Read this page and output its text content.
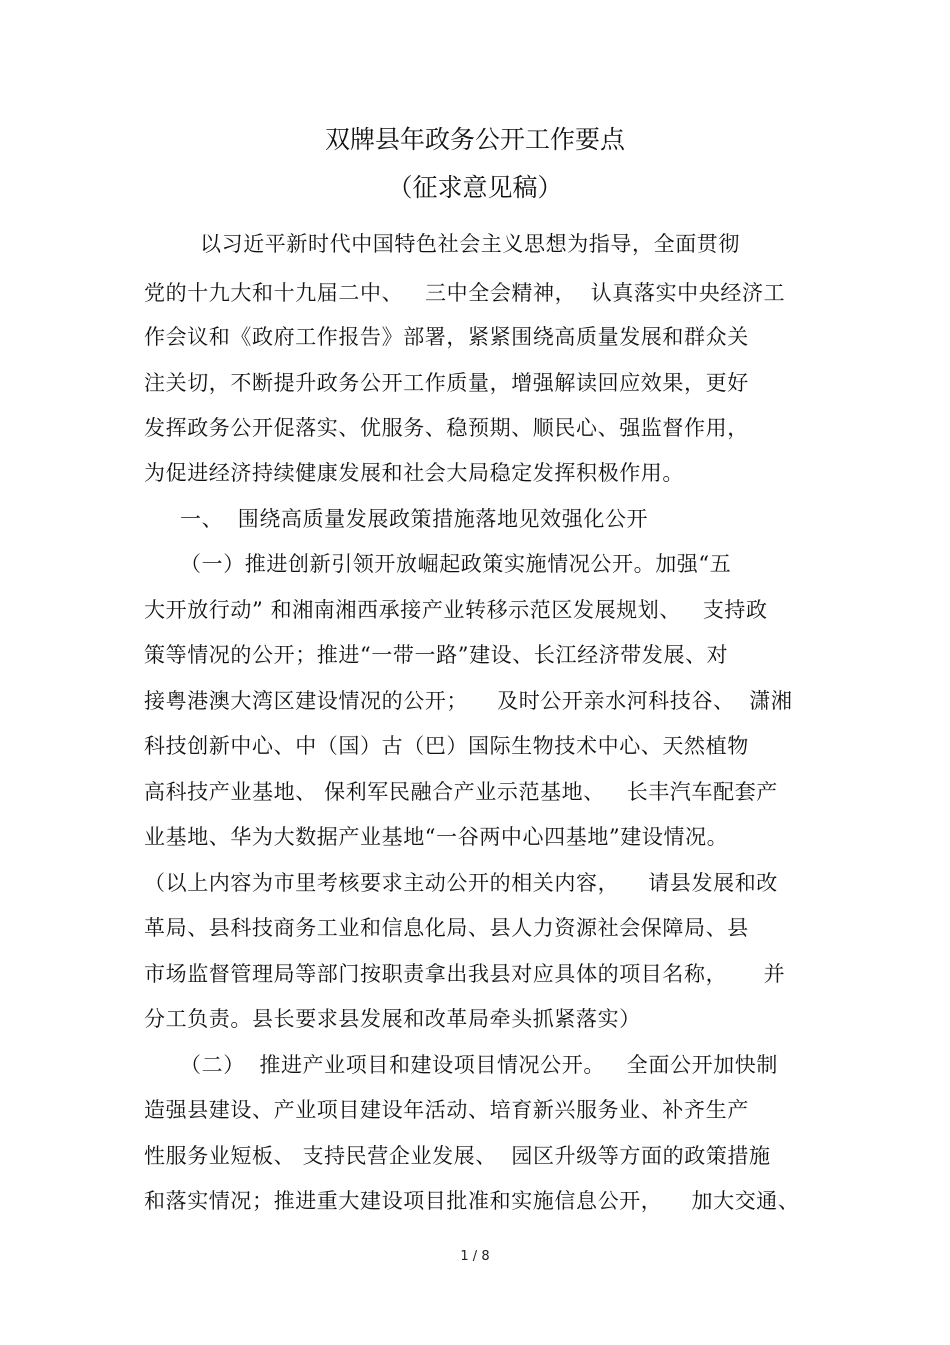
双牌县年政务公开工作要点
（征求意见稿）
以习近平新时代中国特色社会主义思想为指导，全面贯彻
党的十九大和十九届二中、   三中全会精神，  认真落实中央经济工
作会议和《政府工作报告》部署，紧紧围绕高质量发展和群众关
注关切，不断提升政务公开工作质量，增强解读回应效果，更好
发挥政务公开促落实、优服务、稳预期、顺民心、强监督作用，
为促进经济持续健康发展和社会大局稳定发挥积极作用。
一、  围绕高质量发展政策措施落地见效强化公开
（一）推进创新引领开放崛起政策实施情况公开。加强“五
大开放行动” 和湘南湘西承接产业转移示范区发展规划、   支持政
策等情况的公开；推进“一带一路”建设、长江经济带发展、对
接粤港澳大湾区建设情况的公开；    及时公开亲水河科技谷、  潇湘
科技创新中心、中（国）古（巴）国际生物技术中心、天然植物
高科技产业基地、 保利军民融合产业示范基地、   长丰汽车配套产
业基地、华为大数据产业基地“一谷两中心四基地”建设情况。
（以上内容为市里考核要求主动公开的相关内容，    请县发展和改
革局、县科技商务工业和信息化局、县人力资源社会保障局、县
市场监督管理局等部门按职责拿出我县对应具体的项目名称，     并
分工负责。县长要求县发展和改革局牵头抓紧落实）
（二）  推进产业项目和建设项目情况公开。   全面公开加快制
造强县建设、产业项目建设年活动、培育新兴服务业、补齐生产
性服务业短板、 支持民营企业发展、  园区升级等方面的政策措施
和落实情况；推进重大建设项目批准和实施信息公开，    加大交通、
1 / 8
